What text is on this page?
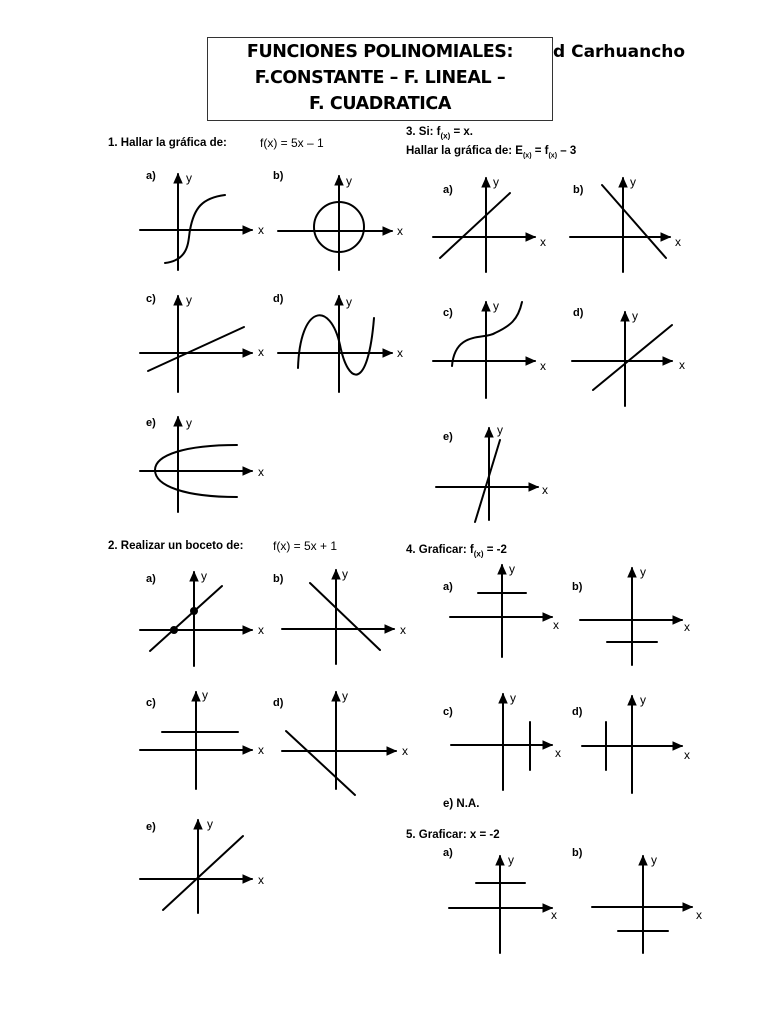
d Carhuancho
FUNCIONES POLINOMIALES:
F.CONSTANTE – F. LINEAL –
F. CUADRATICA
1. Hallar la gráfica de:	f(x) = 5x – 1
3. Si: $f_{(x)} = x$.
Hallar la gráfica de: $E_{(x)} = f_{(x)} - 3$
2. Realizar un boceto de: f(x) = 5x + 1	4. Graficar: $f_{(x)} = -2$
e) N.A.
5. Graficar: x = -2
a)	b)
c)	d)
e)
a)	b)
c)	d)
e)
a)	b)
c)	d)
e)
a)	b)
c)	d)
a)	b)
x
y
x
y
x
y
x
y
x
y
x
y
x
y
x
y
x
y
x
y
x
y
x
y
x
y
x
y
x
y
x
y
x
y
x
y
x
y
x
y
x
y
